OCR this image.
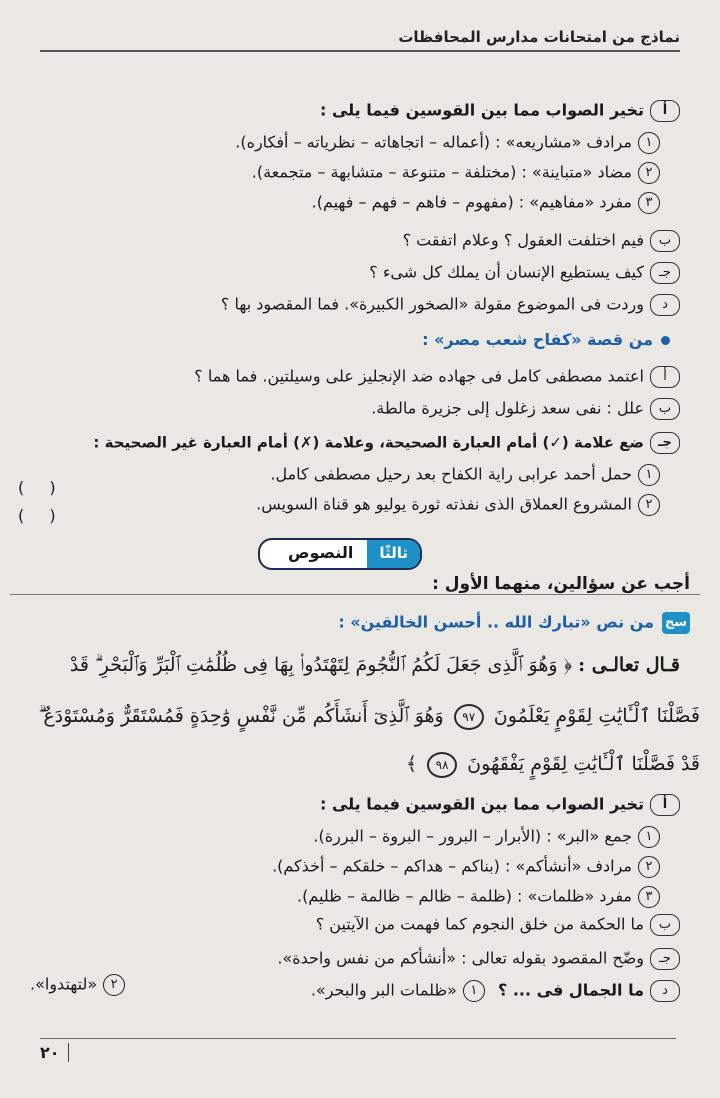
نماذج من امتحانات مدارس المحافظات
أتخير الصواب مما بين القوسين فيما يلى :
١مرادف «مشاريعه» : (أعماله – اتجاهاته – نظرياته – أفكاره).
٢مضاد «متباينة» : (مختلفة – متنوعة – متشابهة – متجمعة).
٣مفرد «مفاهيم» : (مفهوم – فاهم – فهم – فهيم).
بفيم اختلفت العقول ؟ وعلام اتفقت ؟
جـكيف يستطيع الإنسان أن يملك كل شىء ؟
دوردت فى الموضوع مقولة «الصخور الكبيرة». فما المقصود بها ؟
من قصة «كفاح شعب مصر» :
أاعتمد مصطفى كامل فى جهاده ضد الإنجليز على وسيلتين. فما هما ؟
بعلل : نفى سعد زغلول إلى جزيرة مالطة.
جـضع علامة (✓) أمام العبارة الصحيحة، وعلامة (✗) أمام العبارة غير الصحيحة :
١حمل أحمد عرابى راية الكفاح بعد رحيل مصطفى كامل.
( )
٢المشروع العملاق الذى نفذته ثورة يوليو هو قناة السويس.
( )
ثالثًا
النصوص
أجب عن سؤالين، منهما الأول :
سجمن نص «تبارك الله .. أحسن الخالقين» :
قـال تعالـى : ﴿ وَهُوَ ٱلَّذِى جَعَلَ لَكُمُ ٱلنُّجُومَ لِتَهْتَدُوا۟ بِهَا فِى ظُلُمَٰتِ ٱلْبَرِّ وَٱلْبَحْرِ ۗ قَدْ
فَصَّلْنَا ٱلْـَٔايَٰتِ لِقَوْمٍ يَعْلَمُونَ ٩٧ وَهُوَ ٱلَّذِىٓ أَنشَأَكُم مِّن نَّفْسٍ وَٰحِدَةٍ فَمُسْتَقَرٌّ وَمُسْتَوْدَعٌ ۗ
قَدْ فَصَّلْنَا ٱلْـَٔايَٰتِ لِقَوْمٍ يَفْقَهُونَ ٩٨ ﴾
أتخير الصواب مما بين القوسين فيما يلى :
١جمع «البر» : (الأبرار – البرور – البروة – البررة).
٢مرادف «أنشأكم» : (بناكم – هداكم – خلقكم – أخذكم).
٣مفرد «ظلمات» : (ظلمة – ظالم – ظالمة – ظليم).
بما الحكمة من خلق النجوم كما فهمت من الآيتين ؟
جـوضّح المقصود بقوله تعالى : «أنشأكم من نفس واحدة».
دما الجمال فى ... ؟ ١«ظلمات البر والبحر».
٢«لتهتدوا».
٢٠
